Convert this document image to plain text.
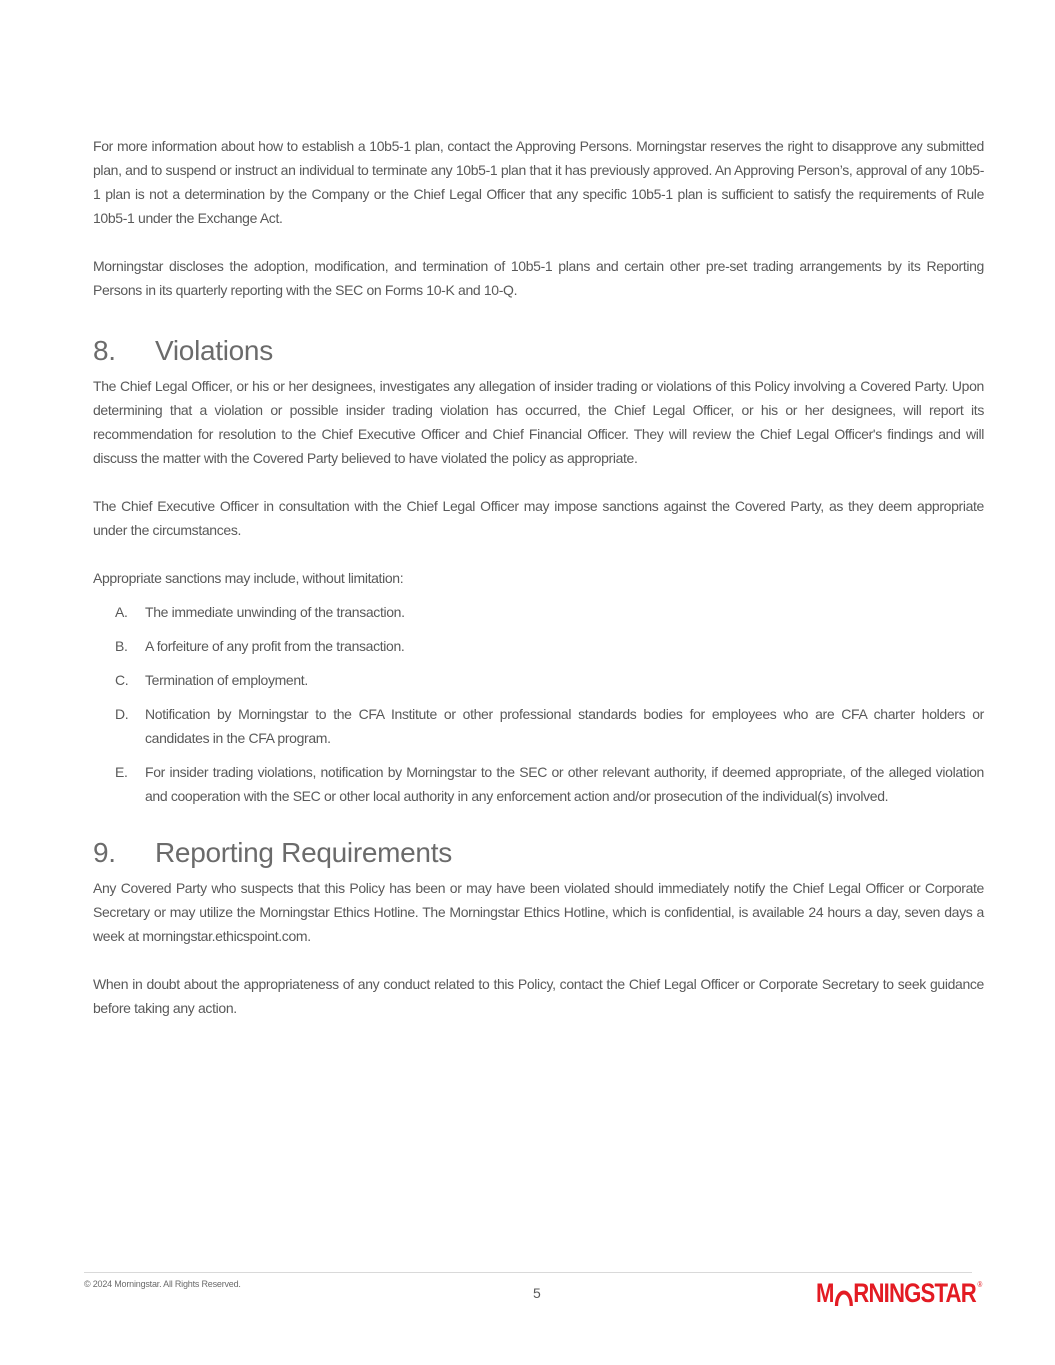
For more information about how to establish a 10b5-1 plan, contact the Approving Persons. Morningstar reserves the right to disapprove any submitted plan, and to suspend or instruct an individual to terminate any 10b5-1 plan that it has previously approved. An Approving Person’s, approval of any 10b5-1 plan is not a determination by the Company or the Chief Legal Officer that any specific 10b5-1 plan is sufficient to satisfy the requirements of Rule 10b5-1 under the Exchange Act.

Morningstar discloses the adoption, modification, and termination of 10b5-1 plans and certain other pre-set trading arrangements by its Reporting Persons in its quarterly reporting with the SEC on Forms 10-K and 10-Q.

8.	Violations

The Chief Legal Officer, or his or her designees, investigates any allegation of insider trading or violations of this Policy involving a Covered Party. Upon determining that a violation or possible insider trading violation has occurred, the Chief Legal Officer, or his or her designees, will report its recommendation for resolution to the Chief Executive Officer and Chief Financial Officer. They will review the Chief Legal Officer's findings and will discuss the matter with the Covered Party believed to have violated the policy as appropriate.

The Chief Executive Officer in consultation with the Chief Legal Officer may impose sanctions against the Covered Party, as they deem appropriate under the circumstances.

Appropriate sanctions may include, without limitation:

A.	The immediate unwinding of the transaction.
B.	A forfeiture of any profit from the transaction.
C.	Termination of employment.
D.	Notification by Morningstar to the CFA Institute or other professional standards bodies for employees who are CFA charter holders or candidates in the CFA program.
E.	For insider trading violations, notification by Morningstar to the SEC or other relevant authority, if deemed appropriate, of the alleged violation and cooperation with the SEC or other local authority in any enforcement action and/or prosecution of the individual(s) involved.
9.	Reporting Requirements

Any Covered Party who suspects that this Policy has been or may have been violated should immediately notify the Chief Legal Officer or Corporate Secretary or may utilize the Morningstar Ethics Hotline. The Morningstar Ethics Hotline, which is confidential, is available 24 hours a day, seven days a week at morningstar.ethicspoint.com.

When in doubt about the appropriateness of any conduct related to this Policy, contact the Chief Legal Officer or Corporate Secretary to seek guidance before taking any action.

© 2024 Morningstar. All Rights Reserved.
5	M RNINGSTAR®
